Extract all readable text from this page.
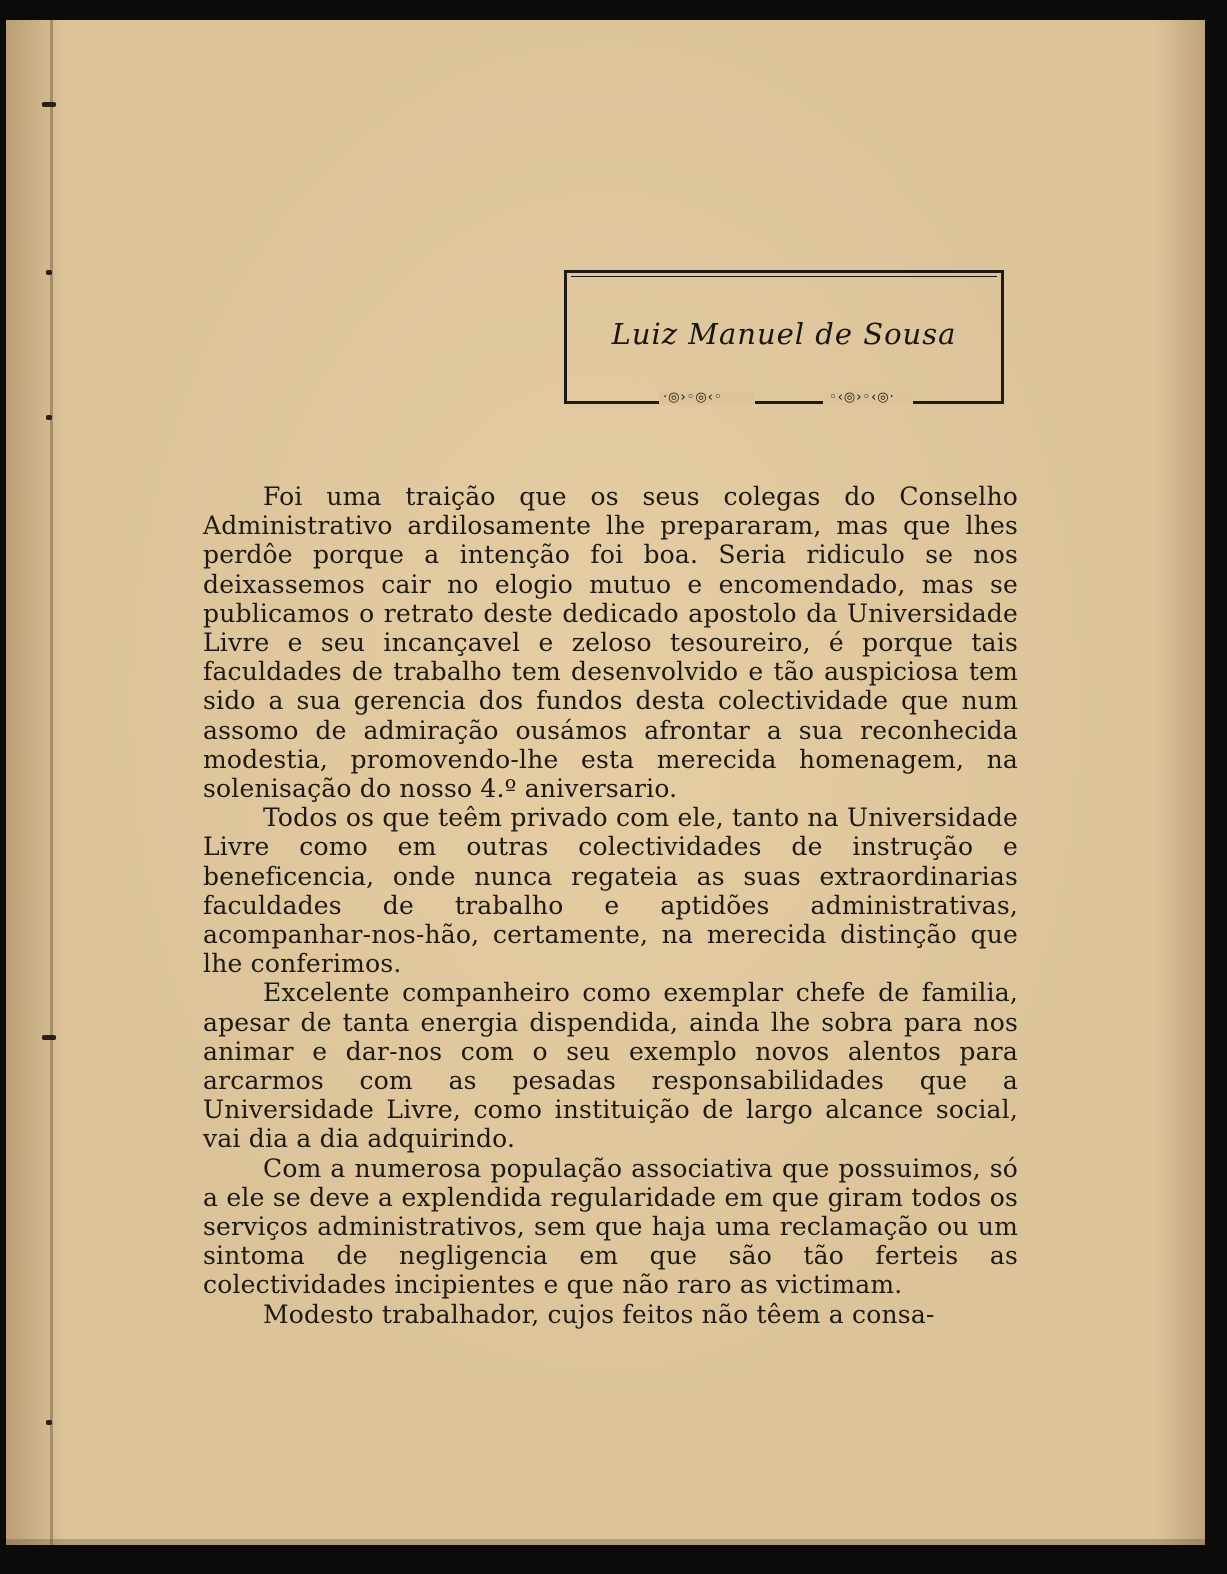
Luiz Manuel de Sousa
·◎›◦◎‹◦	◦‹◎›◦‹◎·

Foi uma traição que os seus colegas do Conselho Administrativo ardilosamente lhe prepararam, mas que lhes perdôe porque a intenção foi boa. Seria ridiculo se nos deixassemos cair no elogio mutuo e encomendado, mas se publicamos o retrato deste dedicado apostolo da Universidade Livre e seu incançavel e zeloso tesoureiro, é porque tais faculdades de trabalho tem desenvolvido e tão auspiciosa tem sido a sua gerencia dos fundos desta colectividade que num assomo de admiração ousámos afrontar a sua reconhecida modestia, promovendo-lhe esta merecida homenagem, na solenisação do nosso 4.º aniversario.

Todos os que teêm privado com ele, tanto na Universidade Livre como em outras colectividades de instrução e beneficencia, onde nunca regateia as suas extraordinarias faculdades de trabalho e aptidões administrativas, acompanhar-nos-hão, certamente, na merecida distinção que lhe conferimos.

Excelente companheiro como exemplar chefe de familia, apesar de tanta energia dispendida, ainda lhe sobra para nos animar e dar-nos com o seu exemplo novos alentos para arcarmos com as pesadas responsabilidades que a Universidade Livre, como instituição de largo alcance social, vai dia a dia adquirindo.

Com a numerosa população associativa que possuimos, só a ele se deve a explendida regularidade em que giram todos os serviços administrativos, sem que haja uma reclamação ou um sintoma de negligencia em que são tão ferteis as colectividades incipientes e que não raro as victimam.

Modesto trabalhador, cujos feitos não têem a consa-
